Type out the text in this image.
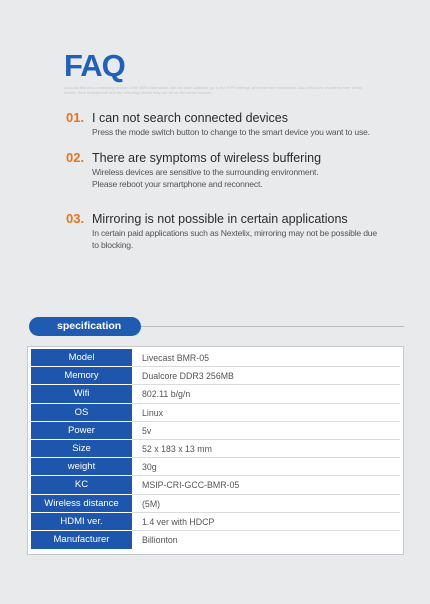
FAQ
Livecast Mirror is a mirroring device. If the WiFi information has not been updated, go to the WiFi settings, and reset the connection. Also check the model number of the device. Your smartphone and the mirroring device may not be on the same network.
01. I can not search connected devices
Press the mode switch button to change to the smart device you want to use.
02. There are symptoms of wireless buffering
Wireless devices are sensitive to the surrounding environment.
Please reboot your smartphone and reconnect.
03. Mirroring is not possible in certain applications
In certain paid applications such as Nextelix, mirroring may not be possible due to blocking.
specification
Model	Livecast BMR-05
Memory	Dualcore DDR3 256MB
Wifi	802.11 b/g/n
OS	Linux
Power	5v
Size	52 x 183 x 13 mm
weight	30g
KC	MSIP-CRI-GCC-BMR-05
Wireless distance	(5M)
HDMI ver.	1.4 ver with HDCP
Manufacturer	Billionton
